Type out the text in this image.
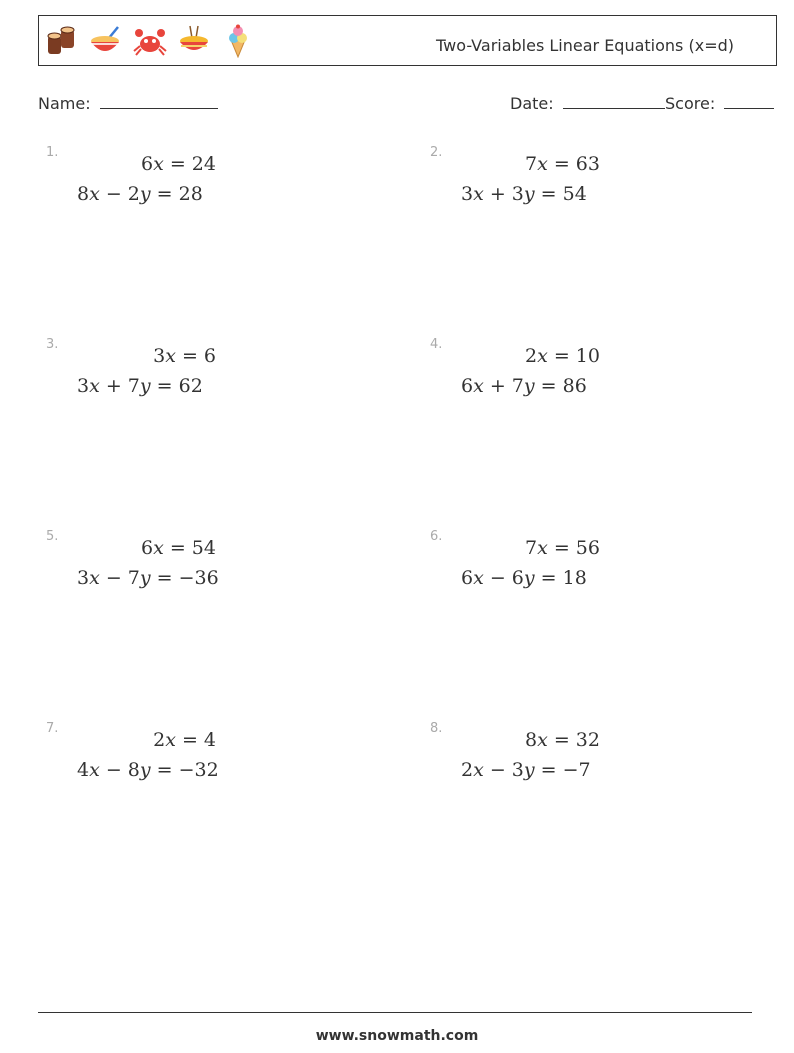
Two-Variables Linear Equations (x=d)
Name:	Date:	Score:
1.
6x = 24
8x − 2y = 28
2.
7x = 63
3x + 3y = 54
3.
3x = 6
3x + 7y = 62
4.
2x = 10
6x + 7y = 86
5.
6x = 54
3x − 7y = −36
6.
7x = 56
6x − 6y = 18
7.
2x = 4
4x − 8y = −32
8.
8x = 32
2x − 3y = −7
www.snowmath.com
